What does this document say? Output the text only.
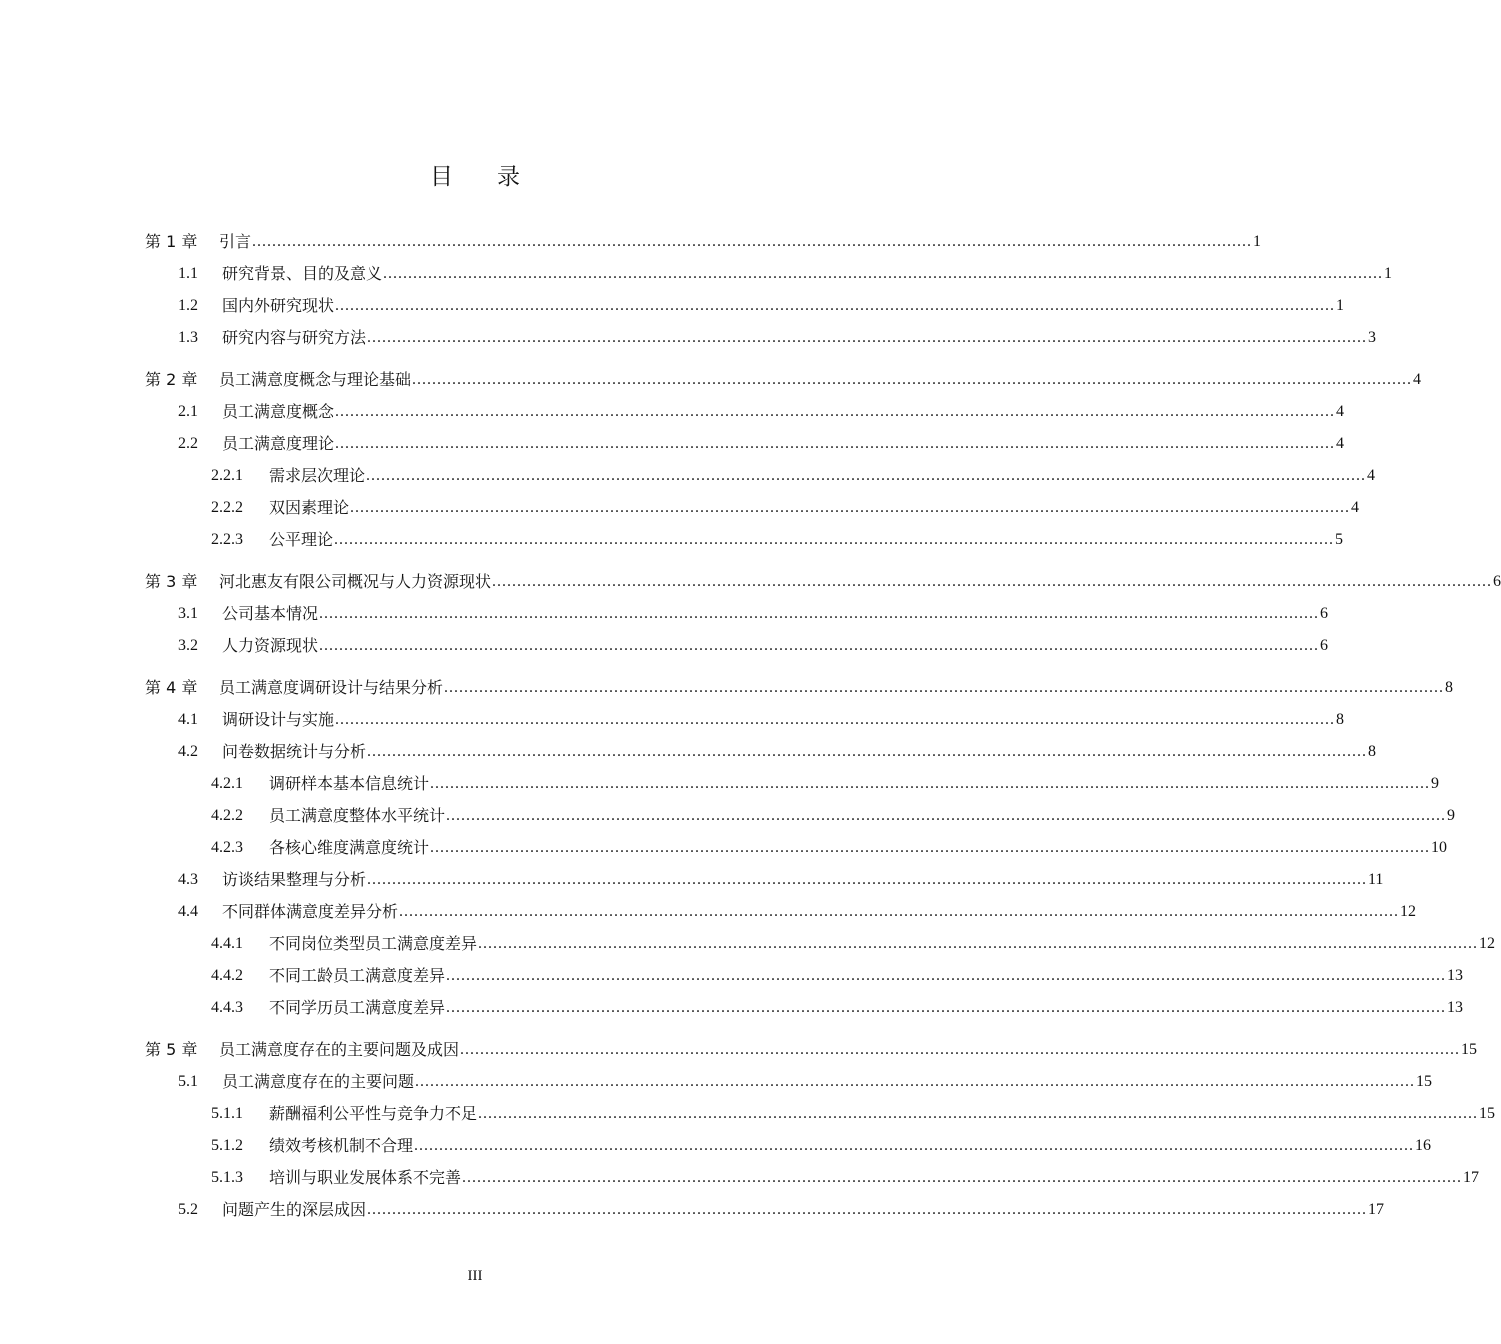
目 录
第 1 章	引言 ........................................................................................................................................................................................................ 1
1.1	研究背景、目的及意义 ........................................................................................................................................................................................................ 1
1.2	国内外研究现状 ........................................................................................................................................................................................................ 1
1.3	研究内容与研究方法 ........................................................................................................................................................................................................ 3
第 2 章	员工满意度概念与理论基础 ........................................................................................................................................................................................................ 4
2.1	员工满意度概念 ........................................................................................................................................................................................................ 4
2.2	员工满意度理论 ........................................................................................................................................................................................................ 4
2.2.1	需求层次理论 ........................................................................................................................................................................................................ 4
2.2.2	双因素理论 ........................................................................................................................................................................................................ 4
2.2.3	公平理论 ........................................................................................................................................................................................................ 5
第 3 章	河北惠友有限公司概况与人力资源现状 ........................................................................................................................................................................................................ 6
3.1	公司基本情况 ........................................................................................................................................................................................................ 6
3.2	人力资源现状 ........................................................................................................................................................................................................ 6
第 4 章	员工满意度调研设计与结果分析 ........................................................................................................................................................................................................ 8
4.1	调研设计与实施 ........................................................................................................................................................................................................ 8
4.2	问卷数据统计与分析 ........................................................................................................................................................................................................ 8
4.2.1	调研样本基本信息统计 ........................................................................................................................................................................................................ 9
4.2.2	员工满意度整体水平统计 ........................................................................................................................................................................................................ 9
4.2.3	各核心维度满意度统计 ........................................................................................................................................................................................................ 10
4.3	访谈结果整理与分析 ........................................................................................................................................................................................................ 11
4.4	不同群体满意度差异分析 ........................................................................................................................................................................................................ 12
4.4.1	不同岗位类型员工满意度差异 ........................................................................................................................................................................................................ 12
4.4.2	不同工龄员工满意度差异 ........................................................................................................................................................................................................ 13
4.4.3	不同学历员工满意度差异 ........................................................................................................................................................................................................ 13
第 5 章	员工满意度存在的主要问题及成因 ........................................................................................................................................................................................................ 15
5.1	员工满意度存在的主要问题 ........................................................................................................................................................................................................ 15
5.1.1	薪酬福利公平性与竞争力不足 ........................................................................................................................................................................................................ 15
5.1.2	绩效考核机制不合理 ........................................................................................................................................................................................................ 16
5.1.3	培训与职业发展体系不完善 ........................................................................................................................................................................................................ 17
5.2	问题产生的深层成因 ........................................................................................................................................................................................................ 17
III
